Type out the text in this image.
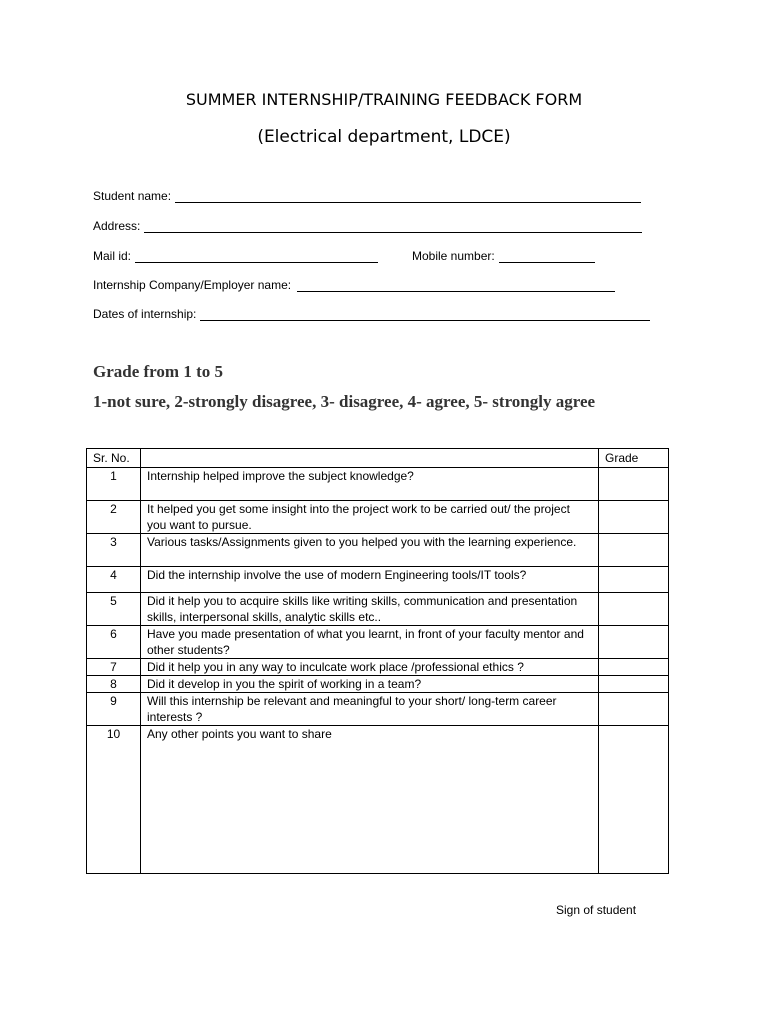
SUMMER INTERNSHIP/TRAINING FEEDBACK FORM
(Electrical department, LDCE)
Student name:
Address:
Mail id:	Mobile number:
Internship Company/Employer name:
Dates of internship:
Grade from 1 to 5
1-not sure, 2-strongly disagree, 3- disagree, 4- agree, 5- strongly agree
Sr. No.		Grade
1	Internship helped improve the subject knowledge?	
2	It helped you get some insight into the project work to be carried out/ the project you want to pursue.	
3	Various tasks/Assignments given to you helped you with the learning experience.	
4	Did the internship involve the use of modern Engineering tools/IT tools?	
5	Did it help you to acquire skills like writing skills, communication and presentation skills, interpersonal skills, analytic skills etc..	
6	Have you made presentation of what you learnt, in front of your faculty mentor and other students?	
7	Did it help you in any way to inculcate work place /professional ethics ?	
8	Did it develop in you the spirit of working in a team?	
9	Will this internship be relevant and meaningful to your short/ long-term career interests ?	
10	Any other points you want to share	
Sign of student
